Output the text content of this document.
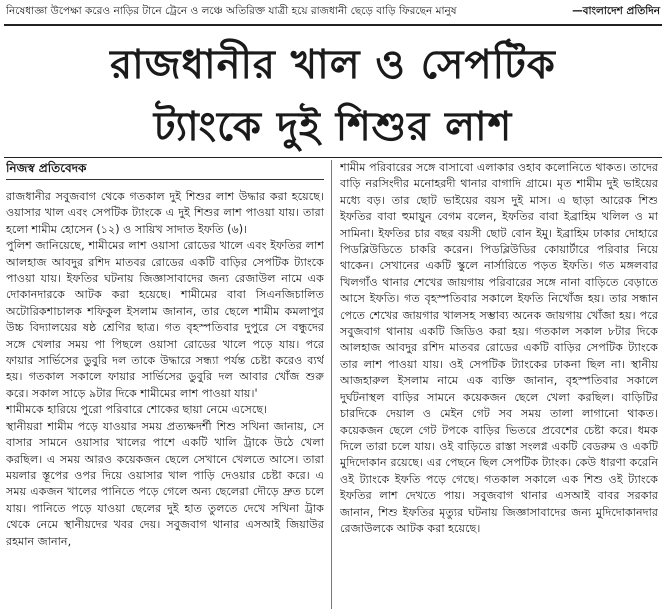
নিষেধাজ্ঞা উপেক্ষা করেও নাড়ির টানে ট্রেনে ও লঞ্চে অতিরিক্ত যাত্রী হয়ে রাজধানী ছেড়ে বাড়ি ফিরছেন মানুষ	—বাংলাদেশ প্রতিদিন
রাজধানীর খাল ও সেপটিক
ট্যাংকে দুই শিশুর লাশ
নিজস্ব প্রতিবেদক

রাজধানীর সবুজবাগ থেকে গতকাল দুই শিশুর লাশ উদ্ধার করা হয়েছে। ওয়াসার খাল এবং সেপটিক ট্যাংকে এ দুই শিশুর লাশ পাওয়া যায়। তারা হলো শামীম হোসেন (১২) ও সায়িখ সাদাত ইফতি (৬)।

পুলিশ জানিয়েছে, শামীমের লাশ ওয়াসা রোডের খালে এবং ইফতির লাশ আলহাজ আবদুর রশিদ মাতবর রোডের একটি বাড়ির সেপটিক ট্যাংকে পাওয়া যায়। ইফতির ঘটনায় জিজ্ঞাসাবাদের জন্য রেজাউল নামে এক দোকানদারকে আটক করা হয়েছে। শামীমের বাবা সিএনজিচালিত অটোরিকশাচালক শফিকুল ইসলাম জানান, তার ছেলে শামীম কমলাপুর উচ্চ বিদ্যালয়ের ষষ্ঠ শ্রেণির ছাত্র। গত বৃহস্পতিবার দুপুরে সে বন্ধুদের সঙ্গে খেলার সময় পা পিছলে ওয়াসা রোডের খালে পড়ে যায়। পরে ফায়ার সার্ভিসের ডুবুরি দল তাকে উদ্ধারে সন্ধ্যা পর্যন্ত চেষ্টা করেও ব্যর্থ হয়। গতকাল সকালে ফায়ার সার্ভিসের ডুবুরি দল আবার খোঁজ শুরু করে। সকাল সাড়ে ৯টার দিকে শামীমের লাশ পাওয়া যায়।'

শামীমকে হারিয়ে পুরো পরিবারে শোকের ছায়া নেমে এসেছে।

স্থানীয়রা শামীম পড়ে যাওয়ার সময় প্রত্যক্ষদর্শী শিশু সখিনা জানায়, সে বাসার সামনে ওয়াসার খালের পাশে একটি খালি ট্রাকে উঠে খেলা করছিল। এ সময় আরও কয়েকজন ছেলে সেখানে খেলতে আসে। তারা ময়লার স্তূপের ওপর দিয়ে ওয়াসার খাল পাড়ি দেওয়ার চেষ্টা করে। এ সময় একজন খালের পানিতে পড়ে গেলে অন্য ছেলেরা দৌড়ে দ্রুত চলে যায়। পানিতে পড়ে যাওয়া ছেলের দুই হাত তুলতে দেখে সখিনা ট্রাক থেকে নেমে স্থানীয়দের খবর দেয়। সবুজবাগ থানার এসআই জিয়াউর রহমান জানান,

শামীম পরিবারের সঙ্গে বাসাবো এলাকার ওহাব কলোনিতে থাকত। তাদের বাড়ি নরসিংদীর মনোহরদী থানার বাগাদি গ্রামে। মৃত শামীম দুই ভাইয়ের মধ্যে বড়। তার ছোট ভাইয়ের বয়স দুই মাস। এ ছাড়া আরেক শিশু ইফতির বাবা হুমায়ুন বেগম বলেন, ইফতির বাবা ইব্রাহিম খলিল ও মা সামিনা। ইফতির চার বছর বয়সী ছোট বোন ইমু। ইব্রাহিম ঢাকার দোহারে পিডব্লিউডিতে চাকরি করেন। পিডব্লিউডির কোয়ার্টারে পরিবার নিয়ে থাকেন। সেখানের একটি স্কুলে নার্সারিতে পড়ত ইফতি। গত মঙ্গলবার খিলগাঁও থানার শেখের জায়গায় পরিবারের সঙ্গে নানা বাড়িতে বেড়াতে আসে ইফতি। গত বৃহস্পতিবার সকালে ইফতি নিখোঁজ হয়। তার সন্ধান পেতে শেখের জায়গার খালসহ সম্ভাব্য অনেক জায়গায় খোঁজা হয়। পরে সবুজবাগ থানায় একটি জিডিও করা হয়। গতকাল সকাল ৮টার দিকে আলহাজ আবদুর রশিদ মাতবর রোডের একটি বাড়ির সেপটিক ট্যাংকে তার লাশ পাওয়া যায়। ওই সেপটিক ট্যাংকের ঢাকনা ছিল না। স্থানীয় আজহারুল ইসলাম নামে এক ব্যক্তি জানান, বৃহস্পতিবার সকালে দুর্ঘটনাস্থল বাড়ির সামনে কয়েকজন ছেলে খেলা করছিল। বাড়িটির চারদিকে দেয়াল ও মেইন গেট সব সময় তালা লাগানো থাকত। কয়েকজন ছেলে গেট টপকে বাড়ির ভিতরে প্রবেশের চেষ্টা করে। ধমক দিলে তারা চলে যায়। ওই বাড়িতে রাস্তা সংলগ্ন একটি বেডরুম ও একটি মুদিদোকান রয়েছে। এর পেছনে ছিল সেপটিক ট্যাংক। কেউ ধারণা করেনি ওই ট্যাংকে ইফতি পড়ে গেছে। গতকাল সকালে এক শিশু ওই ট্যাংকে ইফতির লাশ দেখতে পায়। সবুজবাগ থানার এসআই বাবর সরকার জানান, শিশু ইফতির মৃত্যুর ঘটনায় জিজ্ঞাসাবাদের জন্য মুদিদোকানদার রেজাউলকে আটক করা হয়েছে।
